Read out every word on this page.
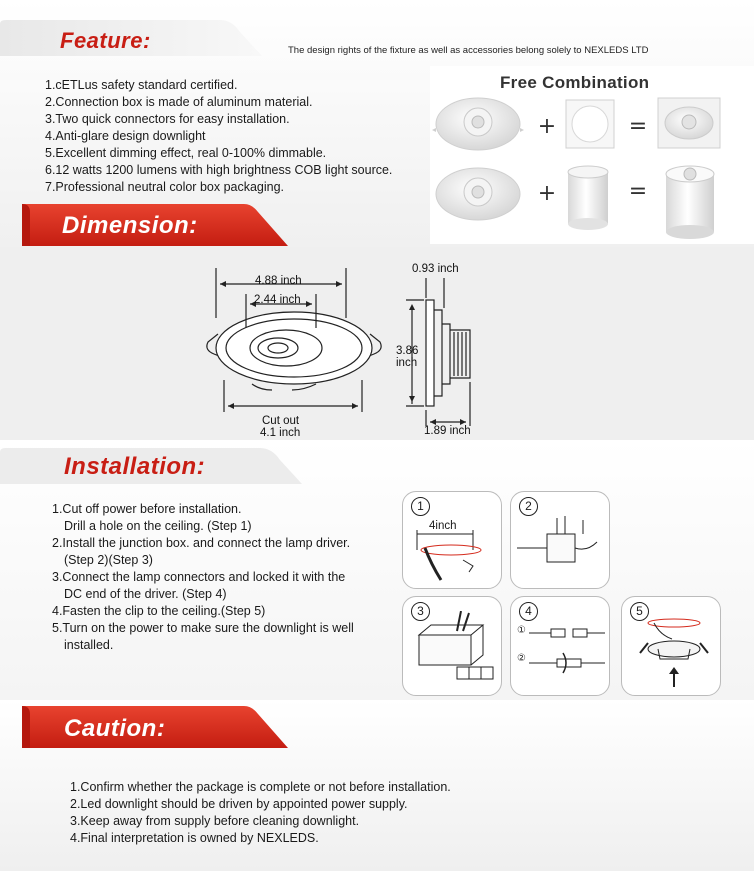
Feature:	The design rights of the fixture as well as accessories belong solely to NEXLEDS LTD
1.cETLus safety standard certified.
2.Connection box is made of aluminum material.
3.Two quick connectors for easy installation.
4.Anti-glare design downlight
5.Excellent dimming effect, real 0-100% dimmable.
6.12 watts 1200 lumens with high brightness COB light source.
7.Professional neutral color box packaging.
Free Combination
+	=
+	=
Dimension:
4.88 inch
2.44 inch
Cut out
4.1 inch
0.93 inch
3.86
inch
1.89 inch
Installation:
1.Cut off power before installation.
Drill a hole on the ceiling. (Step 1)
2.Install the junction box. and connect the lamp driver.
(Step 2)(Step 3)
3.Connect the lamp connectors and locked it with the
DC end of the driver. (Step 4)
4.Fasten the clip to the ceiling.(Step 5)
5.Turn on the power to make sure the downlight is well
installed.
1
4inch
2
3	4
①
②
5
Caution:
1.Confirm whether the package is complete or not before installation.
2.Led downlight should be driven by appointed power supply.
3.Keep away from supply before cleaning downlight.
4.Final interpretation is owned by NEXLEDS.
